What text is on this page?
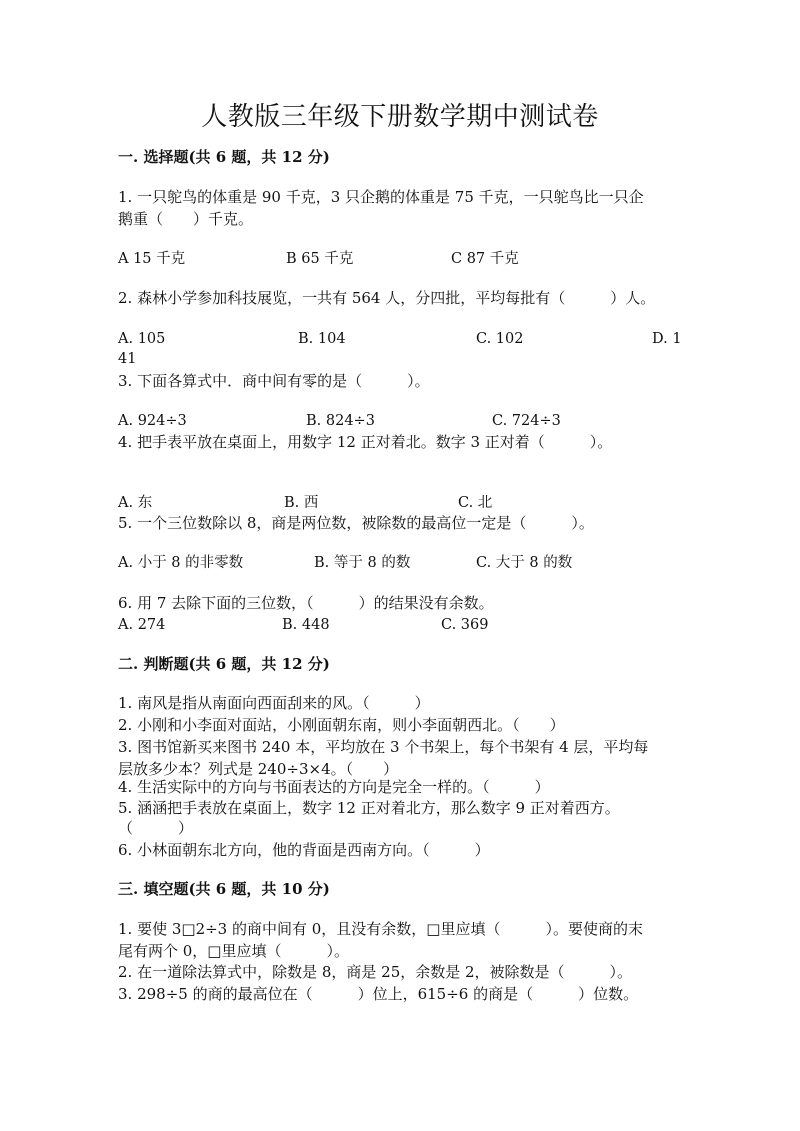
人教版三年级下册数学期中测试卷
一. 选择题(共 6 题，共 12 分)
1. 一只鸵鸟的体重是 90 千克，3 只企鹅的体重是 75 千克，一只鸵鸟比一只企
鹅重（　　）千克。
A 15 千克	B 65 千克	C 87 千克
2. 森林小学参加科技展览，一共有 564 人，分四批，平均每批有（　　　）人。
A. 105	B. 104	C. 102	D. 1
41
3. 下面各算式中．商中间有零的是（　　　）。
A. 924÷3	B. 824÷3	C. 724÷3
4. 把手表平放在桌面上，用数字 12 正对着北。数字 3 正对着（　　　）。
A. 东	B. 西	C. 北
5. 一个三位数除以 8，商是两位数，被除数的最高位一定是（　　　）。
A. 小于 8 的非零数	B. 等于 8 的数	C. 大于 8 的数
6. 用 7 去除下面的三位数，（　　　）的结果没有余数。
A. 274	B. 448	C. 369
二. 判断题(共 6 题，共 12 分)
1. 南风是指从南面向西面刮来的风。（　　　）
2. 小刚和小李面对面站，小刚面朝东南，则小李面朝西北。（　　）
3. 图书馆新买来图书 240 本，平均放在 3 个书架上，每个书架有 4 层，平均每
层放多少本？列式是 240÷3×4。（　　）
4. 生活实际中的方向与书面表达的方向是完全一样的。（　　　）
5. 涵涵把手表放在桌面上，数字 12 正对着北方，那么数字 9 正对着西方。
（　　　）
6. 小林面朝东北方向，他的背面是西南方向。（　　　）
三. 填空题(共 6 题，共 10 分)
1. 要使 3□2÷3 的商中间有 0，且没有余数，□里应填（　　　）。要使商的末
尾有两个 0，□里应填（　　　）。
2. 在一道除法算式中，除数是 8，商是 25，余数是 2，被除数是（　　　）。
3. 298÷5 的商的最高位在（　　　）位上，615÷6 的商是（　　　）位数。
